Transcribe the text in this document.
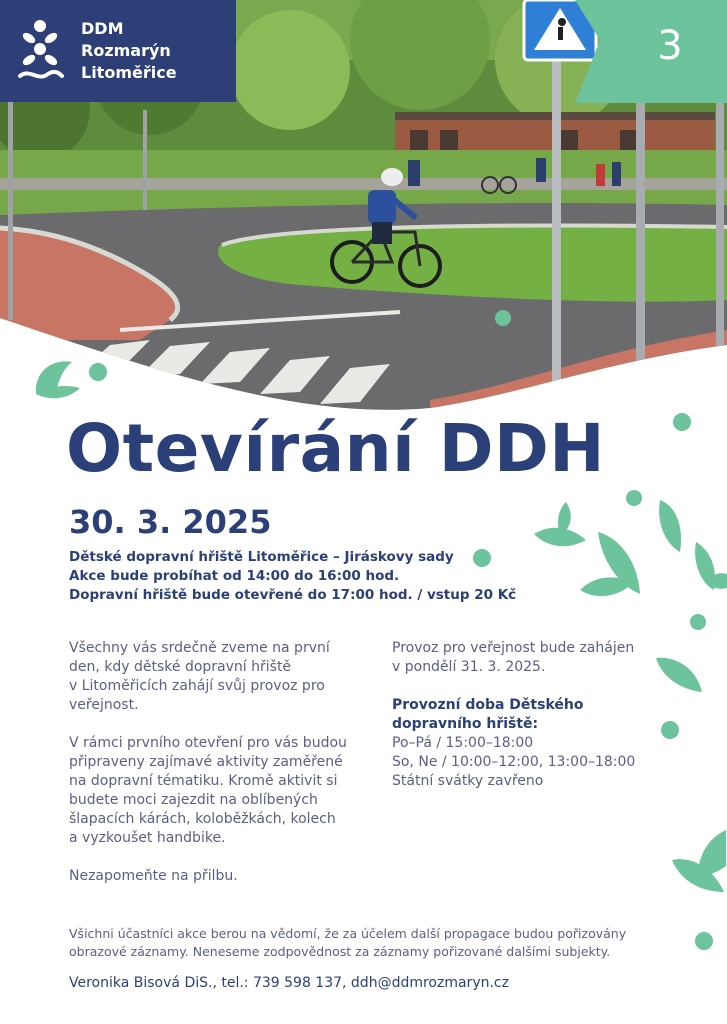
DDM
Rozmarýn
Litoměřice
3
Otevírání DDH
30. 3. 2025
Dětské dopravní hřiště Litoměřice – Jiráskovy sady
Akce bude probíhat od 14:00 do 16:00 hod.
Dopravní hřiště bude otevřené do 17:00 hod. / vstup 20 Kč

Všechny vás srdečně zveme na první
den, kdy dětské dopravní hřiště
v Litoměřicích zahájí svůj provoz pro
veřejnost.

V rámci prvního otevření pro vás budou
připraveny zajímavé aktivity zaměřené
na dopravní tématiku. Kromě aktivit si
budete moci zajezdit na oblíbených
šlapacích kárách, koloběžkách, kolech
a vyzkoušet handbike.

Nezapomeňte na přilbu.

Provoz pro veřejnost bude zahájen
v pondělí 31. 3. 2025.

Provozní doba Dětského
dopravního hřiště:
Po–Pá / 15:00–18:00
So, Ne / 10:00–12:00, 13:00–18:00
Státní svátky zavřeno

Všichni účastníci akce berou na vědomí, že za účelem další propagace budou pořizovány
obrazové záznamy. Neneseme zodpovědnost za záznamy pořizované dalšími subjekty.
Veronika Bisová DiS., tel.: 739 598 137, ddh@ddmrozmaryn.cz
